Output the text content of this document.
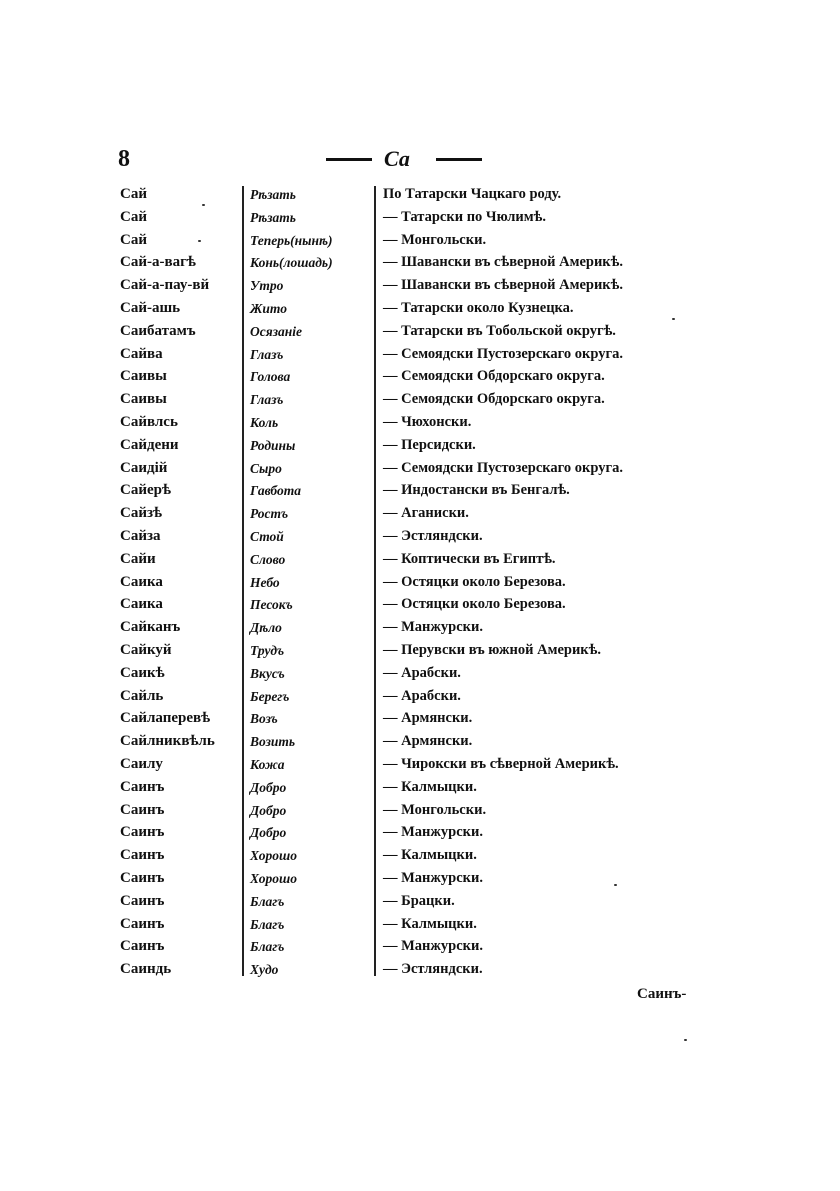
8	Са
Сай	Рѣзать	По Татарски Чацкаго роду.
Сай	Рѣзать	— Татарски по Чюлимѣ.
Сай	Теперь(нынѣ)	— Монгольски.
Сай-а-вагѣ	Конь(лошадь)	— Шавански въ сѣверной Америкѣ.
Сай-а-пау-вй	Утро	— Шавански въ сѣверной Америкѣ.
Сай-ашь	Жито	— Татарски около Кузнецка.
Саибатамъ	Осязаніе	— Татарски въ Тобольской округѣ.
Сайва	Глазъ	— Семоядски Пустозерскаго округа.
Саивы	Голова	— Семоядски Обдорскаго округа.
Саивы	Глазъ	— Семоядски Обдорскаго округа.
Сайвлсь	Коль	— Чюхонски.
Сайдени	Родины	— Персидски.
Саидій	Сыро	— Семоядски Пустозерскаго округа.
Сайерѣ	Гавбота	— Индостански въ Бенгалѣ.
Сайзѣ	Ростъ	— Аганиски.
Сайза	Стой	— Эстляндски.
Сайи	Слово	— Коптически въ Египтѣ.
Саика	Небо	— Остяцки около Березова.
Саика	Песокъ	— Остяцки около Березова.
Сайканъ	Дѣло	— Манжурски.
Сайкуй	Трудъ	— Перувски въ южной Америкѣ.
Саикѣ	Вкусъ	— Арабски.
Сайль	Берегъ	— Арабски.
Сайлаперевѣ	Возъ	— Армянски.
Сайлниквѣль	Возить	— Армянски.
Саилу	Кожа	— Чирокски въ сѣверной Америкѣ.
Саинъ	Добро	— Калмыцки.
Саинъ	Добро	— Монгольски.
Саинъ	Добро	— Манжурски.
Саинъ	Хорошо	— Калмыцки.
Саинъ	Хорошо	— Манжурски.
Саинъ	Благъ	— Брацки.
Саинъ	Благъ	— Калмыцки.
Саинъ	Благъ	— Манжурски.
Саиндь	Худо	— Эстляндски.
Саинъ-
